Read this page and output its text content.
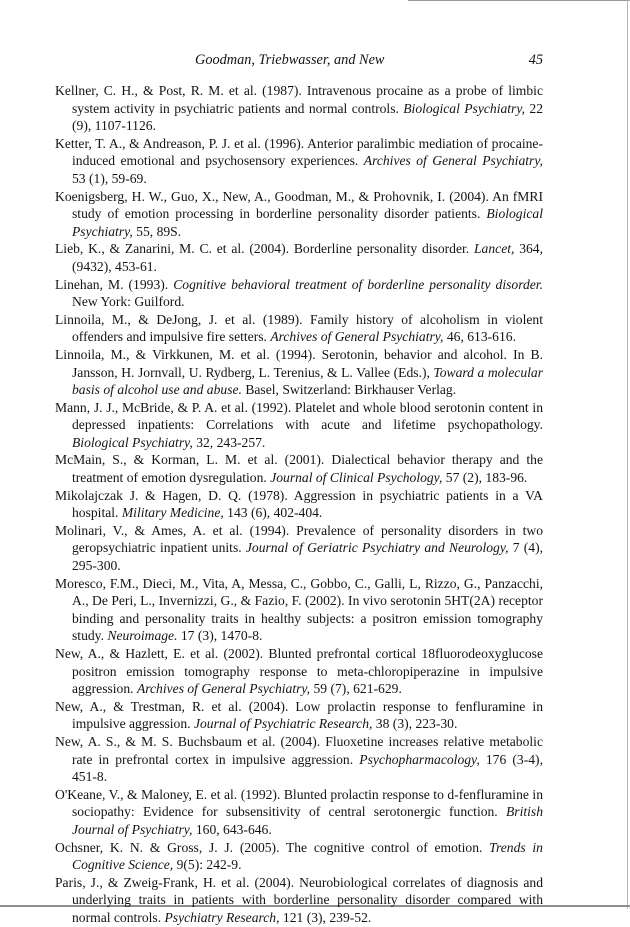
Goodman, Triebwasser, and New	45

Kellner, C. H., & Post, R. M. et al. (1987). Intravenous procaine as a probe of limbic system activity in psychiatric patients and normal controls. Biological Psychiatry, 22 (9), 1107-1126.

Ketter, T. A., & Andreason, P. J. et al. (1996). Anterior paralimbic mediation of procaine-induced emotional and psychosensory experiences. Archives of General Psychiatry, 53 (1), 59-69.

Koenigsberg, H. W., Guo, X., New, A., Goodman, M., & Prohovnik, I. (2004). An fMRI study of emotion processing in borderline personality disorder patients. Biological Psychiatry, 55, 89S.

Lieb, K., & Zanarini, M. C. et al. (2004). Borderline personality disorder. Lancet, 364, (9432), 453-61.

Linehan, M. (1993). Cognitive behavioral treatment of borderline personality disorder. New York: Guilford.

Linnoila, M., & DeJong, J. et al. (1989). Family history of alcoholism in violent offenders and impulsive fire setters. Archives of General Psychiatry, 46, 613-616.

Linnoila, M., & Virkkunen, M. et al. (1994). Serotonin, behavior and alcohol. In B. Jansson, H. Jornvall, U. Rydberg, L. Terenius, & L. Vallee (Eds.), Toward a molecular basis of alcohol use and abuse. Basel, Switzerland: Birkhauser Verlag.

Mann, J. J., McBride, & P. A. et al. (1992). Platelet and whole blood serotonin content in depressed inpatients: Correlations with acute and lifetime psychopathology. Biological Psychiatry, 32, 243-257.

McMain, S., & Korman, L. M. et al. (2001). Dialectical behavior therapy and the treatment of emotion dysregulation. Journal of Clinical Psychology, 57 (2), 183-96.

Mikolajczak J. & Hagen, D. Q. (1978). Aggression in psychiatric patients in a VA hospital. Military Medicine, 143 (6), 402-404.

Molinari, V., & Ames, A. et al. (1994). Prevalence of personality disorders in two geropsychiatric inpatient units. Journal of Geriatric Psychiatry and Neurology, 7 (4), 295-300.

Moresco, F.M., Dieci, M., Vita, A, Messa, C., Gobbo, C., Galli, L, Rizzo, G., Panzacchi, A., De Peri, L., Invernizzi, G., & Fazio, F. (2002). In vivo serotonin 5HT(2A) receptor binding and personality traits in healthy subjects: a positron emission tomography study. Neuroimage. 17 (3), 1470-8.

New, A., & Hazlett, E. et al. (2002). Blunted prefrontal cortical 18fluorodeoxyglucose positron emission tomography response to meta-chloropiperazine in impulsive aggression. Archives of General Psychiatry, 59 (7), 621-629.

New, A., & Trestman, R. et al. (2004). Low prolactin response to fenfluramine in impulsive aggression. Journal of Psychiatric Research, 38 (3), 223-30.

New, A. S., & M. S. Buchsbaum et al. (2004). Fluoxetine increases relative metabolic rate in prefrontal cortex in impulsive aggression. Psychopharmacology, 176 (3-4), 451-8.

O'Keane, V., & Maloney, E. et al. (1992). Blunted prolactin response to d-fenfluramine in sociopathy: Evidence for subsensitivity of central serotonergic function. British Journal of Psychiatry, 160, 643-646.

Ochsner, K. N. & Gross, J. J. (2005). The cognitive control of emotion. Trends in Cognitive Science, 9(5): 242-9.

Paris, J., & Zweig-Frank, H. et al. (2004). Neurobiological correlates of diagnosis and underlying traits in patients with borderline personality disorder compared with normal controls. Psychiatry Research, 121 (3), 239-52.
